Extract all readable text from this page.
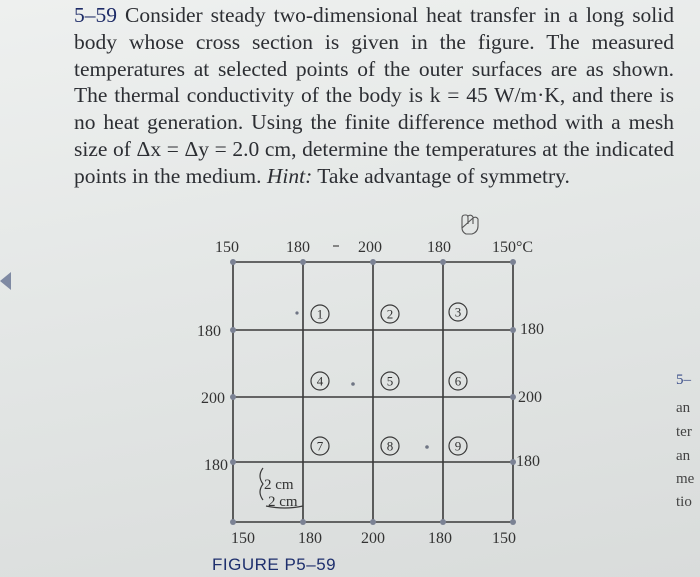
5–59 Consider steady two-dimensional heat transfer in a long solid body whose cross section is given in the figure. The measured temperatures at selected points of the outer surfaces are as shown. The thermal conductivity of the body is k = 45 W/m·K, and there is no heat generation. Using the finite difference method with a mesh size of Δx = Δy = 2.0 cm, determine the temperatures at the indicated points in the medium. Hint: Take advantage of symmetry.

1	2	3
4	5	6
7	8	9
150	180	200	180	150°C
150	180 200	180	150
180
200
180
180
200
180
2 cm
2 cm
FIGURE P5–59
5–
an
ter
an
me
tio
